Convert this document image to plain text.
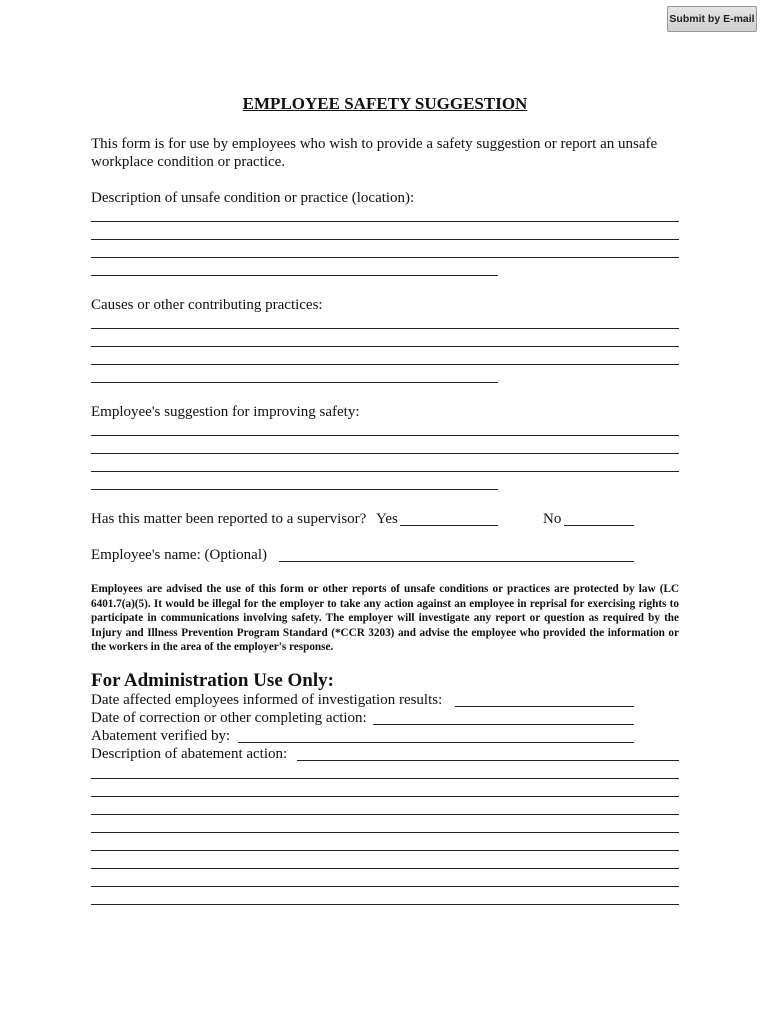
Submit by E-mail
EMPLOYEE SAFETY SUGGESTION
This form is for use by employees who wish to provide a safety suggestion or report an unsafe
workplace condition or practice.
Description of unsafe condition or practice (location):
Causes or other contributing practices:
Employee's suggestion for improving safety:
Has this matter been reported to a supervisor? Yes	No
Employee's name: (Optional)
Employees are advised the use of this form or other reports of unsafe conditions or practices are protected by law (LC 6401.7(a)(5). It would be illegal for the employer to take any action against an employee in reprisal for exercising rights to participate in communications involving safety. The employer will investigate any report or question as required by the Injury and Illness Prevention Program Standard (*CCR 3203) and advise the employee who provided the information or the workers in the area of the employer's response.
For Administration Use Only:
Date affected employees informed of investigation results:
Date of correction or other completing action:
Abatement verified by:
Description of abatement action:
